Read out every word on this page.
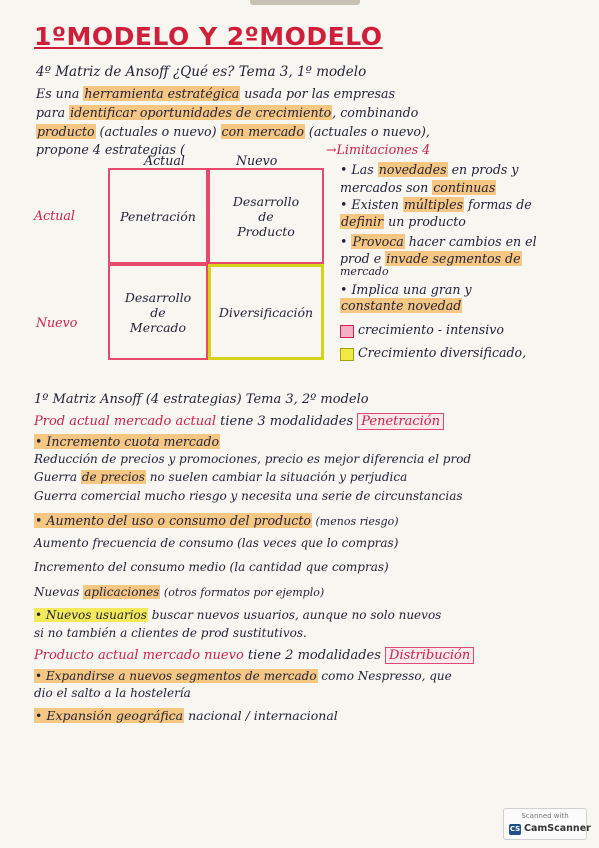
1ºMODELO Y 2ºMODELO
4º Matriz de Ansoff ¿Qué es? Tema 3, 1º modelo
Es una herramienta estratégica usada por las empresas
para identificar oportunidades de crecimiento, combinando
producto (actuales o nuevo) con mercado (actuales o nuevo),
propone 4 estrategias (
Actual	Nuevo
Actual
Nuevo
Penetración
Desarrollo
de
Producto
Desarrollo
de
Mercado
Diversificación
→Limitaciones 4
• Las novedades en prods y
mercados son continuas
• Existen múltiples formas de
definir un producto
• Provoca hacer cambios en el
prod e invade segmentos de
mercado
• Implica una gran y
constante novedad
crecimiento - intensivo
Crecimiento diversificado,
1º Matriz Ansoff (4 estrategias) Tema 3, 2º modelo
Prod actual mercado actual tiene 3 modalidades Penetración
• Incremento cuota mercado
Reducción de precios y promociones, precio es mejor diferencia el prod
Guerra de precios no suelen cambiar la situación y perjudica
Guerra comercial mucho riesgo y necesita una serie de circunstancias
• Aumento del uso o consumo del producto (menos riesgo)
Aumento frecuencia de consumo (las veces que lo compras)
Incremento del consumo medio (la cantidad que compras)
Nuevas aplicaciones (otros formatos por ejemplo)
• Nuevos usuarios buscar nuevos usuarios, aunque no solo nuevos
si no también a clientes de prod sustitutivos.
Producto actual mercado nuevo tiene 2 modalidades Distribución
• Expandirse a nuevos segmentos de mercado como Nespresso, que
dio el salto a la hostelería
• Expansión geográfica nacional / internacional
Scanned with
CS CamScanner
